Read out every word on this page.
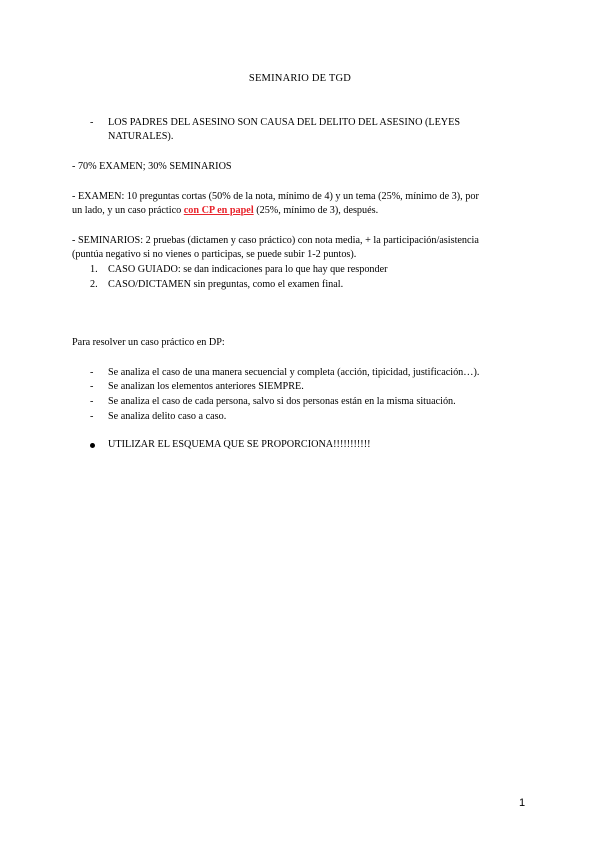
SEMINARIO DE TGD
- LOS PADRES DEL ASESINO SON CAUSA DEL DELITO DEL ASESINO (LEYES
NATURALES).
- 70% EXAMEN; 30% SEMINARIOS
- EXAMEN: 10 preguntas cortas (50% de la nota, mínimo de 4) y un tema (25%, mínimo de 3), por
un lado, y un caso práctico con CP en papel (25%, mínimo de 3), después.
- SEMINARIOS: 2 pruebas (dictamen y caso práctico) con nota media, + la participación/asistencia
(puntúa negativo si no vienes o participas, se puede subir 1-2 puntos).
1. CASO GUIADO: se dan indicaciones para lo que hay que responder
2. CASO/DICTAMEN sin preguntas, como el examen final.
Para resolver un caso práctico en DP:
- Se analiza el caso de una manera secuencial y completa (acción, tipicidad, justificación…).
- Se analizan los elementos anteriores SIEMPRE.
- Se analiza el caso de cada persona, salvo si dos personas están en la misma situación.
- Se analiza delito caso a caso.
UTILIZAR EL ESQUEMA QUE SE PROPORCIONA!!!!!!!!!!!
1
